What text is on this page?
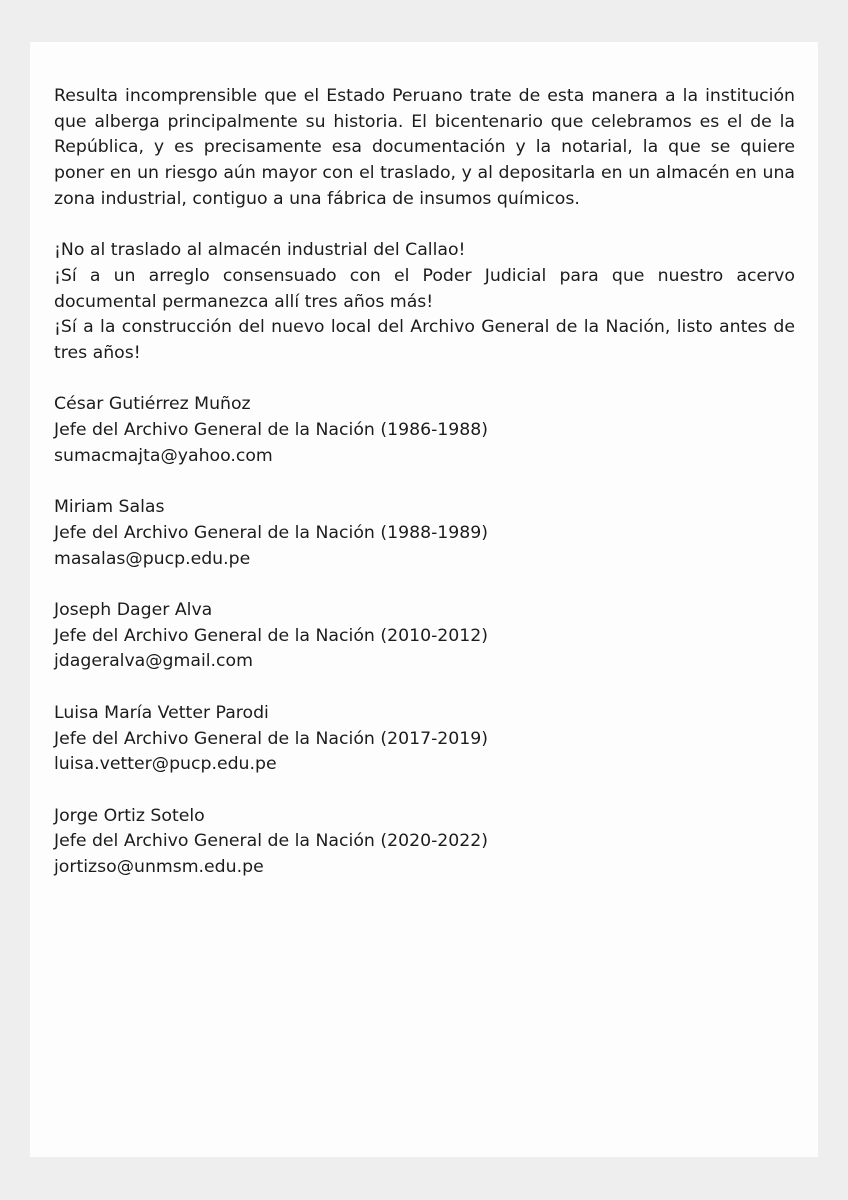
Resulta incomprensible que el Estado Peruano trate de esta manera a la institución que alberga principalmente su historia. El bicentenario que celebramos es el de la República, y es precisamente esa documentación y la notarial, la que se quiere poner en un riesgo aún mayor con el traslado, y al depositarla en un almacén en una zona industrial, contiguo a una fábrica de insumos químicos.

¡No al traslado al almacén industrial del Callao!
¡Sí a un arreglo consensuado con el Poder Judicial para que nuestro acervo documental permanezca allí tres años más!
¡Sí a la construcción del nuevo local del Archivo General de la Nación, listo antes de tres años!
César Gutiérrez Muñoz
Jefe del Archivo General de la Nación (1986-1988)
sumacmajta@yahoo.com
Miriam Salas
Jefe del Archivo General de la Nación (1988-1989)
masalas@pucp.edu.pe
Joseph Dager Alva
Jefe del Archivo General de la Nación (2010-2012)
jdageralva@gmail.com
Luisa María Vetter Parodi
Jefe del Archivo General de la Nación (2017-2019)
luisa.vetter@pucp.edu.pe
Jorge Ortiz Sotelo
Jefe del Archivo General de la Nación (2020-2022)
jortizso@unmsm.edu.pe
